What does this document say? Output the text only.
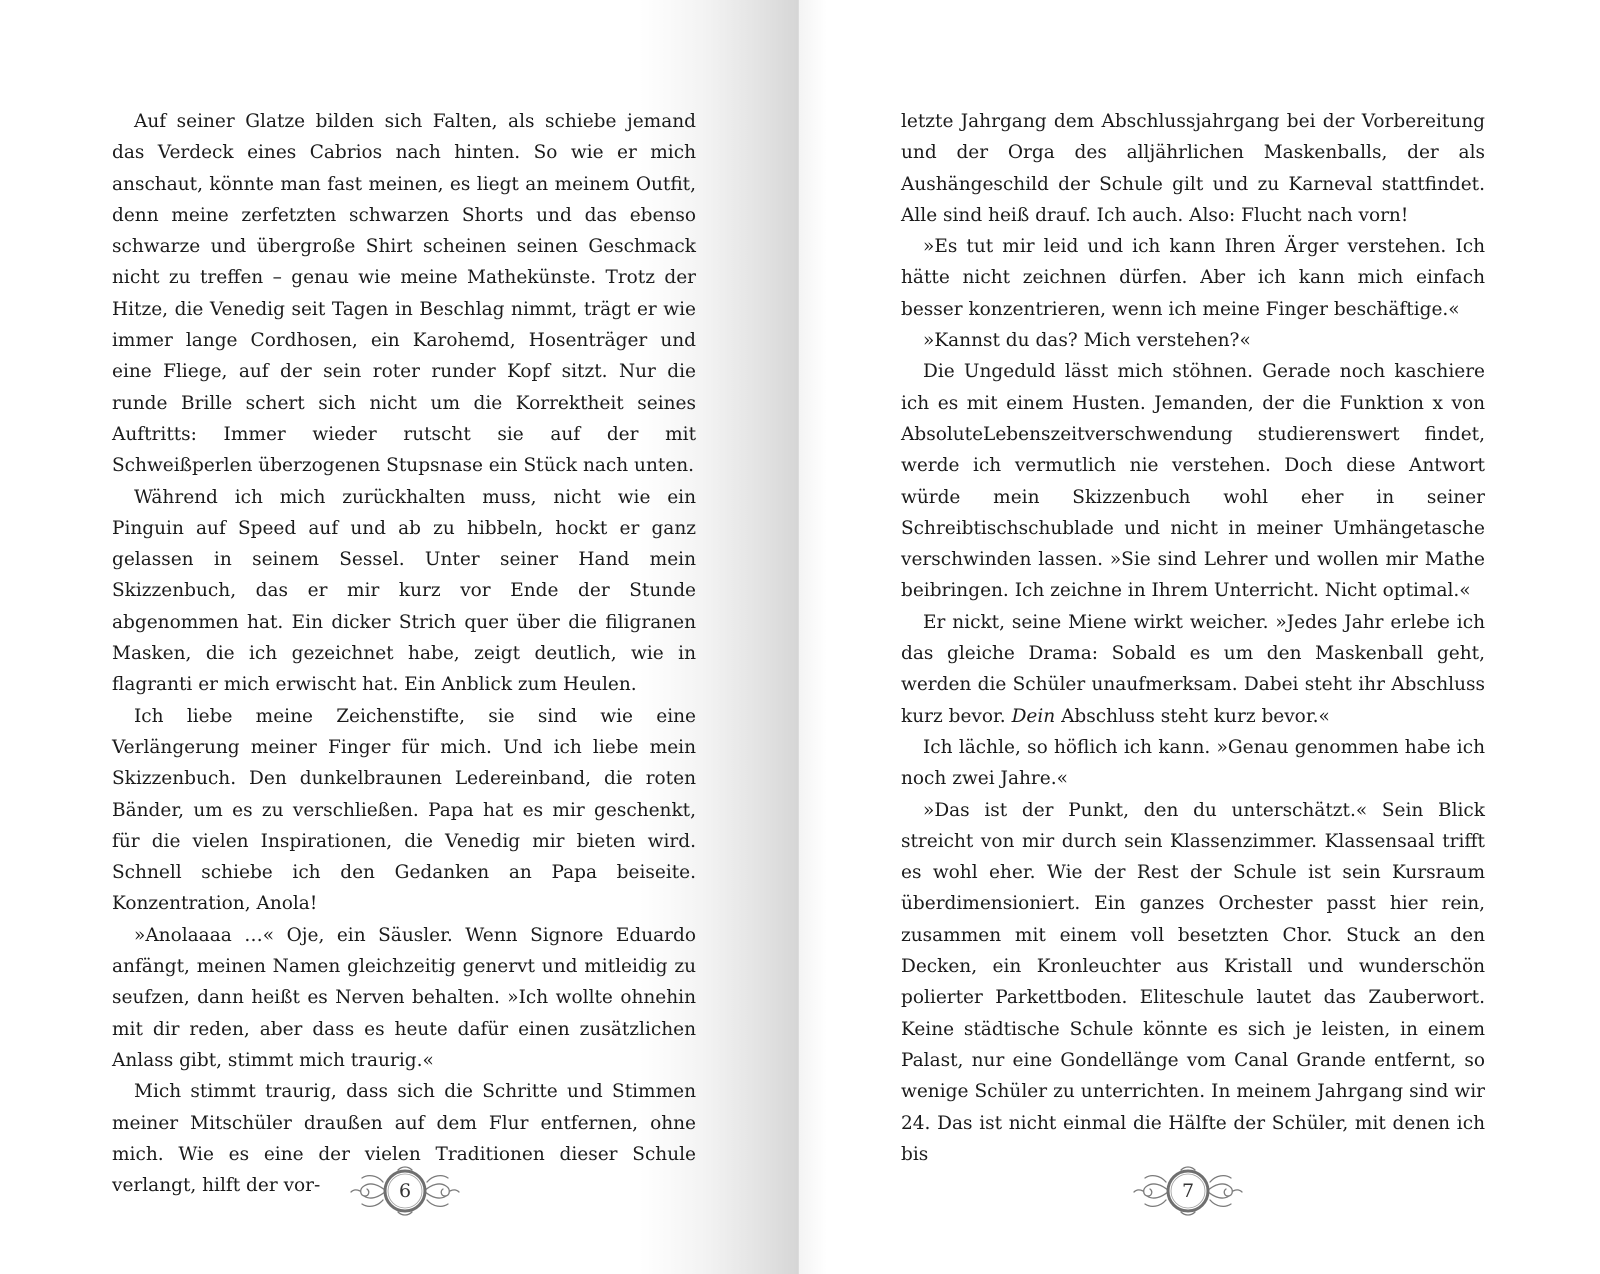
Auf seiner Glatze bilden sich Falten, als schiebe jemand das Verdeck eines Cabrios nach hinten. So wie er mich anschaut, könnte man fast meinen, es liegt an meinem Outfit, denn meine zerfetzten schwarzen Shorts und das ebenso schwarze und übergroße Shirt scheinen seinen Geschmack nicht zu treffen – genau wie meine Mathekünste. Trotz der Hitze, die Venedig seit Tagen in Beschlag nimmt, trägt er wie immer lange Cordhosen, ein Karohemd, Hosenträger und eine Fliege, auf der sein roter runder Kopf sitzt. Nur die runde Brille schert sich nicht um die Korrektheit seines Auftritts: Immer wieder rutscht sie auf der mit Schweißperlen überzogenen Stupsnase ein Stück nach unten.

Während ich mich zurückhalten muss, nicht wie ein Pinguin auf Speed auf und ab zu hibbeln, hockt er ganz gelassen in seinem Sessel. Unter seiner Hand mein Skizzenbuch, das er mir kurz vor Ende der Stunde abgenommen hat. Ein dicker Strich quer über die filigranen Masken, die ich gezeichnet habe, zeigt deutlich, wie in flagranti er mich erwischt hat. Ein Anblick zum Heulen.

Ich liebe meine Zeichenstifte, sie sind wie eine Verlängerung meiner Finger für mich. Und ich liebe mein Skizzenbuch. Den dunkelbraunen Ledereinband, die roten Bänder, um es zu verschließen. Papa hat es mir geschenkt, für die vielen Inspirationen, die Venedig mir bieten wird. Schnell schiebe ich den Gedanken an Papa beiseite. Konzentration, Anola!

»Anolaaaa …« Oje, ein Säusler. Wenn Signore Eduardo anfängt, meinen Namen gleichzeitig genervt und mitleidig zu seufzen, dann heißt es Nerven behalten. »Ich wollte ohnehin mit dir reden, aber dass es heute dafür einen zusätzlichen Anlass gibt, stimmt mich traurig.«

Mich stimmt traurig, dass sich die Schritte und Stimmen meiner Mitschüler draußen auf dem Flur entfernen, ohne mich. Wie es eine der vielen Traditionen dieser Schule verlangt, hilft der vor-	6

letzte Jahrgang dem Abschlussjahrgang bei der Vorbereitung und der Orga des alljährlichen Maskenballs, der als Aushängeschild der Schule gilt und zu Karneval stattfindet. Alle sind heiß drauf. Ich auch. Also: Flucht nach vorn!

»Es tut mir leid und ich kann Ihren Ärger verstehen. Ich hätte nicht zeichnen dürfen. Aber ich kann mich einfach besser konzentrieren, wenn ich meine Finger beschäftige.«

»Kannst du das? Mich verstehen?«

Die Ungeduld lässt mich stöhnen. Gerade noch kaschiere ich es mit einem Husten. Jemanden, der die Funktion x von AbsoluteLebenszeitverschwendung studierenswert findet, werde ich vermutlich nie verstehen. Doch diese Antwort würde mein Skizzenbuch wohl eher in seiner Schreibtischschublade und nicht in meiner Umhängetasche verschwinden lassen. »Sie sind Lehrer und wollen mir Mathe beibringen. Ich zeichne in Ihrem Unterricht. Nicht optimal.«

Er nickt, seine Miene wirkt weicher. »Jedes Jahr erlebe ich das gleiche Drama: Sobald es um den Maskenball geht, werden die Schüler unaufmerksam. Dabei steht ihr Abschluss kurz bevor. Dein Abschluss steht kurz bevor.«

Ich lächle, so höflich ich kann. »Genau genommen habe ich noch zwei Jahre.«

»Das ist der Punkt, den du unterschätzt.« Sein Blick streicht von mir durch sein Klassenzimmer. Klassensaal trifft es wohl eher. Wie der Rest der Schule ist sein Kursraum überdimensioniert. Ein ganzes Orchester passt hier rein, zusammen mit einem voll besetzten Chor. Stuck an den Decken, ein Kronleuchter aus Kristall und wunderschön polierter Parkettboden. Eliteschule lautet das Zauberwort. Keine städtische Schule könnte es sich je leisten, in einem Palast, nur eine Gondellänge vom Canal Grande entfernt, so wenige Schüler zu unterrichten. In meinem Jahrgang sind wir 24. Das ist nicht einmal die Hälfte der Schüler, mit denen ich bis

7
